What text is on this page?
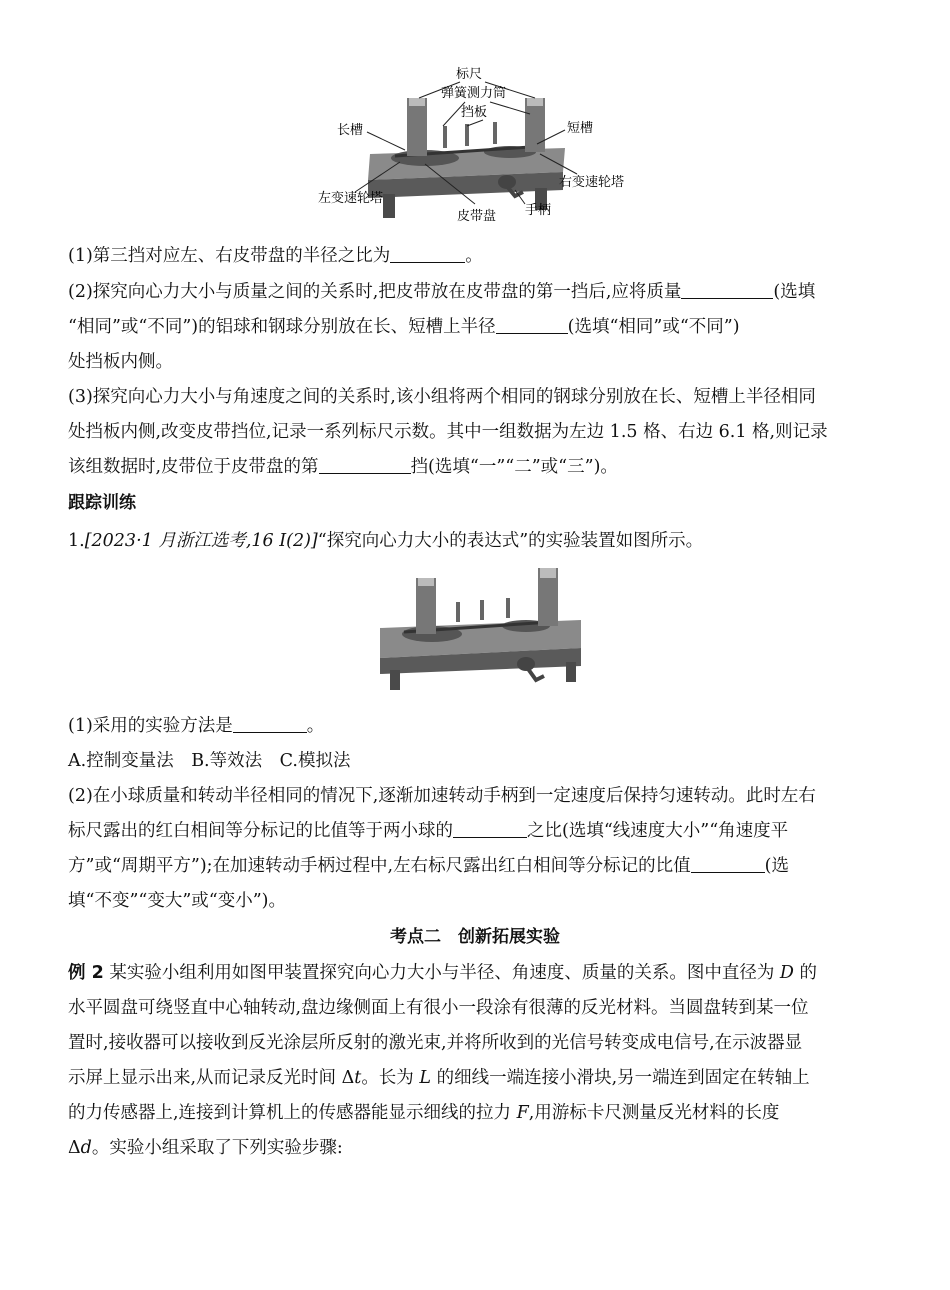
标尺
弹簧测力筒
挡板
长槽	短槽
左变速轮塔
右变速轮塔
皮带盘 手柄
(1)第三挡对应左、右皮带盘的半径之比为	。
(2)探究向心力大小与质量之间的关系时,把皮带放在皮带盘的第一挡后,应将质量	(选填
“相同”或“不同”)的铝球和钢球分别放在长、短槽上半径	(选填“相同”或“不同”)
处挡板内侧。
(3)探究向心力大小与角速度之间的关系时,该小组将两个相同的钢球分别放在长、短槽上半径相同
处挡板内侧,改变皮带挡位,记录一系列标尺示数。其中一组数据为左边 1.5 格、右边 6.1 格,则记录
该组数据时,皮带位于皮带盘的第	挡(选填“一”“二”或“三”)。
跟踪训练
1.[2023·1 月浙江选考,16 Ⅰ(2)]“探究向心力大小的表达式”的实验装置如图所示。
(1)采用的实验方法是	。
A.控制变量法　B.等效法　C.模拟法
(2)在小球质量和转动半径相同的情况下,逐渐加速转动手柄到一定速度后保持匀速转动。此时左右
标尺露出的红白相间等分标记的比值等于两小球的	之比(选填“线速度大小”“角速度平
方”或“周期平方”);在加速转动手柄过程中,左右标尺露出红白相间等分标记的比值	(选
填“不变”“变大”或“变小”)。
考点二　创新拓展实验
例 2 某实验小组利用如图甲装置探究向心力大小与半径、角速度、质量的关系。图中直径为 D 的
水平圆盘可绕竖直中心轴转动,盘边缘侧面上有很小一段涂有很薄的反光材料。当圆盘转到某一位
置时,接收器可以接收到反光涂层所反射的激光束,并将所收到的光信号转变成电信号,在示波器显
示屏上显示出来,从而记录反光时间 Δt。长为 L 的细线一端连接小滑块,另一端连到固定在转轴上
的力传感器上,连接到计算机上的传感器能显示细线的拉力 F,用游标卡尺测量反光材料的长度
Δd。实验小组采取了下列实验步骤:
